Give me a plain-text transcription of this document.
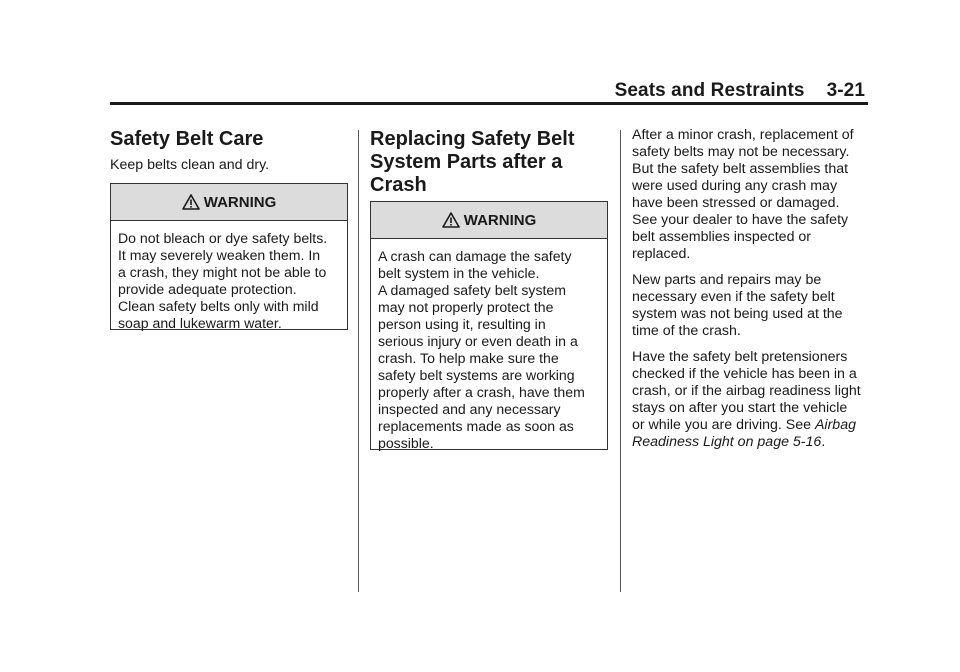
Seats and Restraints 3-21
Safety Belt Care

Keep belts clean and dry.

WARNING

Do not bleach or dye safety belts.

It may severely weaken them. In

a crash, they might not be able to

provide adequate protection.

Clean safety belts only with mild

soap and lukewarm water.

Replacing Safety Belt
System Parts after a
Crash
WARNING

A crash can damage the safety

belt system in the vehicle.

A damaged safety belt system

may not properly protect the

person using it, resulting in

serious injury or even death in a

crash. To help make sure the

safety belt systems are working

properly after a crash, have them

inspected and any necessary

replacements made as soon as

possible.

After a minor crash, replacement of

safety belts may not be necessary.

But the safety belt assemblies that

were used during any crash may

have been stressed or damaged.

See your dealer to have the safety

belt assemblies inspected or

replaced.

New parts and repairs may be

necessary even if the safety belt

system was not being used at the

time of the crash.

Have the safety belt pretensioners

checked if the vehicle has been in a

crash, or if the airbag readiness light

stays on after you start the vehicle

or while you are driving. See Airbag

Readiness Light on page 5-16.
